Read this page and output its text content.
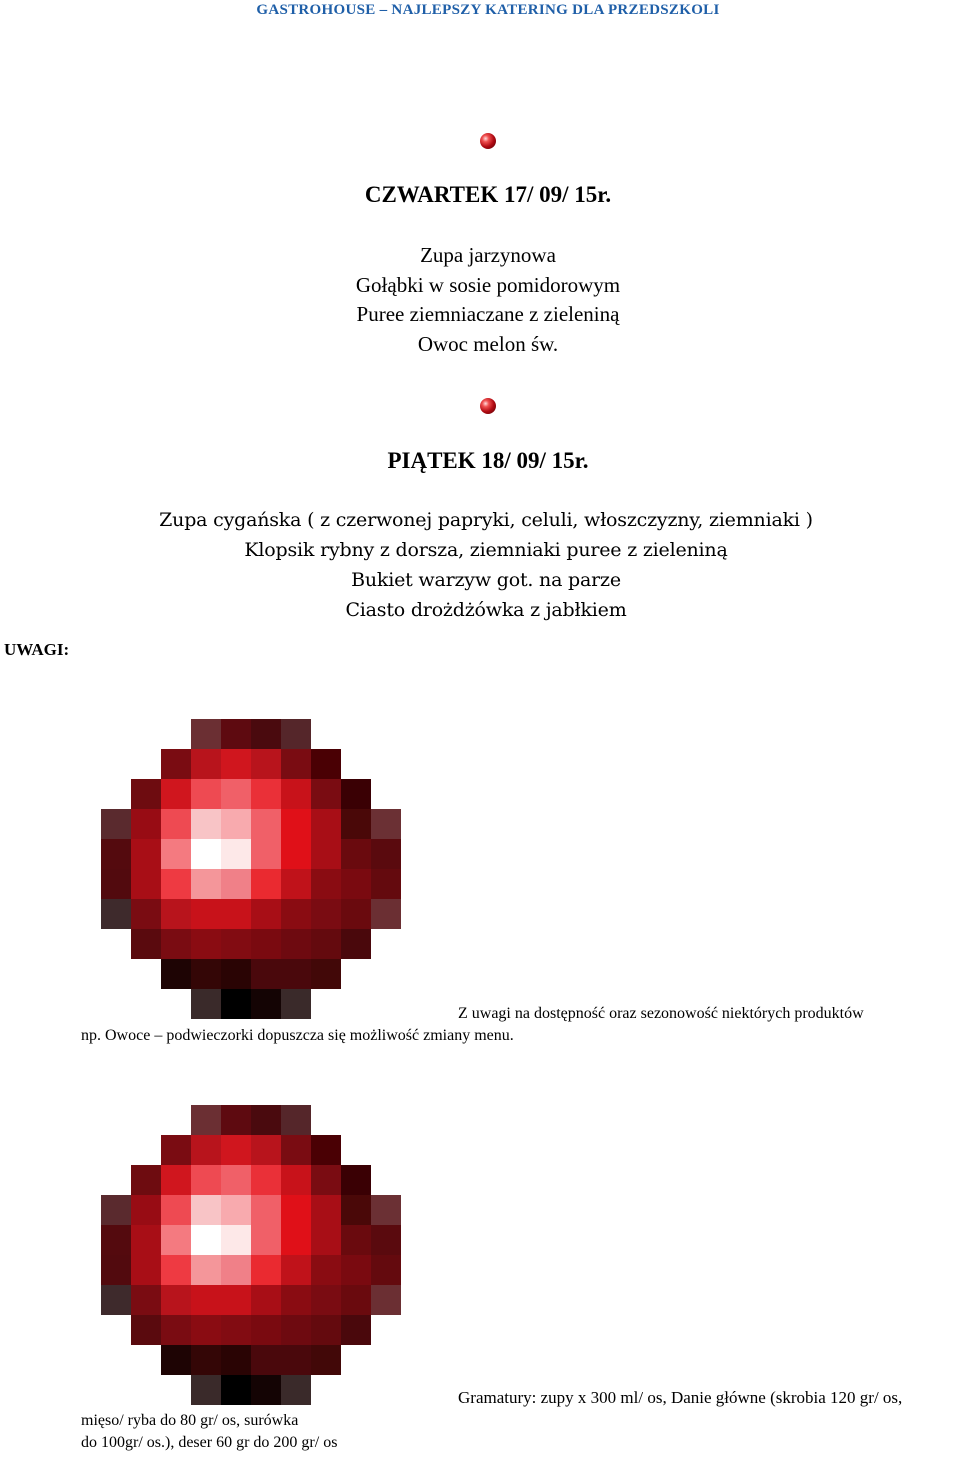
GASTROHOUSE – NAJLEPSZY KATERING DLA PRZEDSZKOLI
CZWARTEK 17/ 09/ 15r.
Zupa jarzynowa
Gołąbki w sosie pomidorowym
Puree ziemniaczane z zieleniną
Owoc melon św.
PIĄTEK 18/ 09/ 15r.
Zupa cygańska ( z czerwonej papryki, celuli, włoszczyzny, ziemniaki )
Klopsik rybny z dorsza, ziemniaki puree z zieleniną
Bukiet warzyw got. na parze
Ciasto drożdżówka z jabłkiem
UWAGI:
Z uwagi na dostępność oraz sezonowość niektórych produktów
np. Owoce – podwieczorki dopuszcza się możliwość zmiany menu.
Gramatury: zupy x 300 ml/ os, Danie główne (skrobia 120 gr/ os,
mięso/ ryba do 80 gr/ os, surówka
do 100gr/ os.), deser 60 gr do 200 gr/ os
